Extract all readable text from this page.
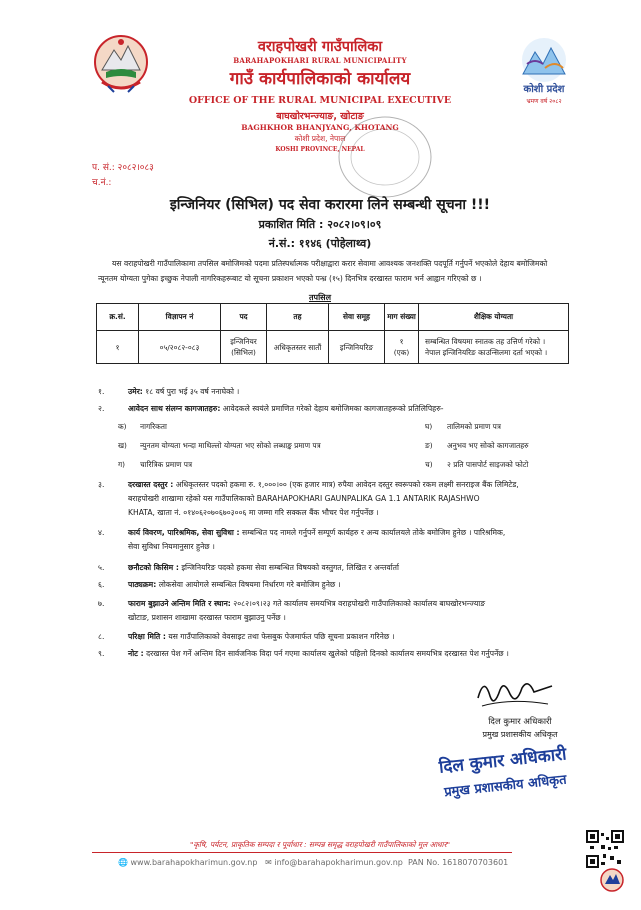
वराहपोखरी गाउँपालिका
BARAHAPOKHARI RURAL MUNICIPALITY
गाउँ कार्यपालिकाको कार्यालय
OFFICE OF THE RURAL MUNICIPAL EXECUTIVE
बाघखोरभन्ज्याङ, खोटाङ
BAGHKHOR BHANJYANG, KHOTANG
कोशी प्रदेश, नेपाल
KOSHI PROVINCE, NEPAL
कोशी प्रदेश
भ्रमण वर्ष २०८२
प. सं.: २०८२।०८३
च.नं.:
इन्जिनियर (सिभिल) पद सेवा करारमा लिने सम्बन्धी सूचना !!!
प्रकाशित मिति : २०८२।०९।०९
नं.सं.: ११४६ (पोहेलाथ्व)
यस वराहपोखरी गाउँपालिकामा तपसिल बमोजिमको पदमा प्रतिस्पर्धात्मक परीक्षाद्वारा करार सेवामा आवश्यक जनशक्ति पदपूर्ति गर्नुपर्ने भएकोले देहाय बमोजिमको न्यूनतम योग्यता पुगेका इच्छुक नेपाली नागरिकहरूबाट यो सूचना प्रकाशन भएको पन्ध्र (१५) दिनभित्र दरखास्त फाराम भर्न आह्वान गरिएको छ ।
तपसिल
क्र.सं.	विज्ञापन नं	पद	तह	सेवा समूह	माग संख्या	शैक्षिक योग्यता
१	०५/२०८२-०८३	इन्जिनियर (सिभिल)	अधिकृतस्तर सातौं	इन्जिनियरिङ	१
(एक)	सम्बन्धित विषयमा स्नातक तह उत्तिर्ण गरेको ।
नेपाल इन्जिनियरिङ काउन्सिलमा दर्ता भएको ।
१.	उमेर: १८ वर्ष पुरा भई ३५ वर्ष ननाघेको ।
२.	आवेदन साथ संलग्न कागजातहरु: आवेदकले स्वयंले प्रमाणित गरेको देहाय बमोजिमका कागजातहरूको प्रतिलिपिहरु-
क) नागरिकता
ख) न्युनतम योग्यता भन्दा माथिल्लो योग्यता भए सोको लब्धाङ्क प्रमाण पत्र
ग) चारित्रिक प्रमाण पत्र
घ) तालिमको प्रमाण पत्र
ङ) अनुभव भए सोको कागजातहरु
च) २ प्रति पासपोर्ट साइजको फोटो
३.	दरखास्त दस्तुर : अधिकृतस्तर पदको हकमा रु. १,०००।०० (एक हजार मात्र) रुपैया आवेदन दस्तुर स्वरूपको रकम लक्ष्मी सनराइज बैंक लिमिटेड,
बराहपोखरी शाखामा रहेको यस गाउँपालिकाको BARAHAPOKHARI GAUNPALIKA GA 1.1 ANTARIK RAJASHWO
KHATA, खाता नं. ०१४०६२०७०६७०३००६ मा जम्मा गरि सक्कल बैंक भौचर पेश गर्नुपर्नेछ ।
४.	कार्य विवरण, पारिश्रमिक, सेवा सुविधा : सम्बन्धित पद नामले गर्नुपर्ने सम्पूर्ण कार्यहरु र अन्य कार्यालयले तोके बमोजिम हुनेछ । पारिश्रमिक,
सेवा सुविधा नियमानुसार हुनेछ ।
५.	छनौटको किसिम : इन्जिनियरिङ पदको हकमा सेवा सम्बन्धित विषयको वस्तुगत, लिखित र अन्तर्वार्ता
६.	पाठ्यक्रम: लोकसेवा आयोगले सम्बन्धित विषयमा निर्धारण गरे बमोजिम हुनेछ ।
७.	फाराम बुझाउने अन्तिम मिति र स्थान: २०८२।०९।२३ गते कार्यालय समयभित्र वराहपोखरी गाउँपालिकाको कार्यालय बाघखोरभन्ज्याङ
खोटाङ, प्रशासन शाखामा दरखास्त फाराम बुझाउनु पर्नेछ ।
८.	परिक्षा मिति : यस गाउँपालिकाको वेवसाइट तथा फेसबुक पेजमार्फत पछि सूचना प्रकाशन गरिनेछ ।
९.	नोट : दरखास्त पेश गर्ने अन्तिम दिन सार्वजनिक विदा पर्न गएमा कार्यालय खुलेको पहिलो दिनको कार्यालय समयभित्र दरखास्त पेश गर्नुपर्नेछ ।
दिल कुमार अधिकारी
प्रमुख प्रशासकीय अधिकृत
दिल कुमार अधिकारी
प्रमुख प्रशासकीय अधिकृत
"कृषि, पर्यटन, प्राकृतिक सम्पदा र पूर्वाधार : सम्पन्न समृद्ध वराहपोखरी गाउँपालिकाको मूल आधार"
🌐 www.barahapokharimun.gov.np ✉ info@barahapokharimun.gov.np PAN No. 1618070703601
